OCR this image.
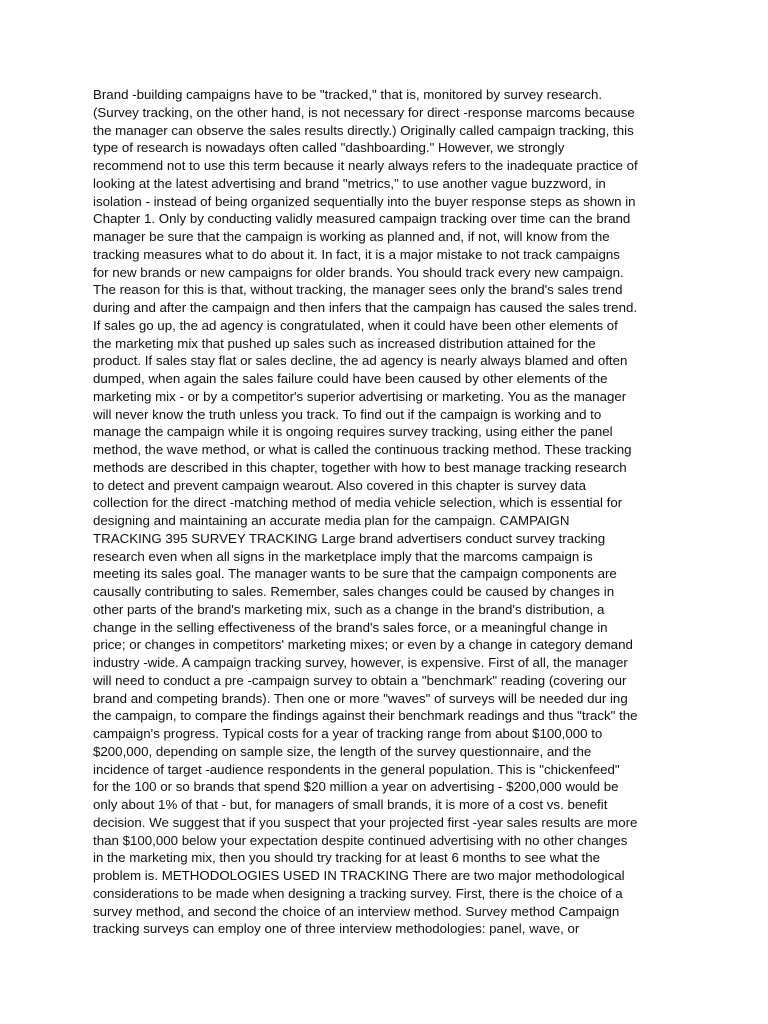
Brand -building campaigns have to be "tracked," that is, monitored by survey research.
(Survey tracking, on the other hand, is not necessary for direct -response marcoms because
the manager can observe the sales results directly.) Originally called campaign tracking, this
type of research is nowadays often called "dashboarding." However, we strongly
recommend not to use this term because it nearly always refers to the inadequate practice of
looking at the latest advertising and brand "metrics," to use another vague buzzword, in
isolation - instead of being organized sequentially into the buyer response steps as shown in
Chapter 1. Only by conducting validly measured campaign tracking over time can the brand
manager be sure that the campaign is working as planned and, if not, will know from the
tracking measures what to do about it. In fact, it is a major mistake to not track campaigns
for new brands or new campaigns for older brands. You should track every new campaign.
The reason for this is that, without tracking, the manager sees only the brand's sales trend
during and after the campaign and then infers that the campaign has caused the sales trend.
If sales go up, the ad agency is congratulated, when it could have been other elements of
the marketing mix that pushed up sales such as increased distribution attained for the
product. If sales stay flat or sales decline, the ad agency is nearly always blamed and often
dumped, when again the sales failure could have been caused by other elements of the
marketing mix - or by a competitor's superior advertising or marketing. You as the manager
will never know the truth unless you track. To find out if the campaign is working and to
manage the campaign while it is ongoing requires survey tracking, using either the panel
method, the wave method, or what is called the continuous tracking method. These tracking
methods are described in this chapter, together with how to best manage tracking research
to detect and prevent campaign wearout. Also covered in this chapter is survey data
collection for the direct -matching method of media vehicle selection, which is essential for
designing and maintaining an accurate media plan for the campaign. CAMPAIGN
TRACKING 395 SURVEY TRACKING Large brand advertisers conduct survey tracking
research even when all signs in the marketplace imply that the marcoms campaign is
meeting its sales goal. The manager wants to be sure that the campaign components are
causally contributing to sales. Remember, sales changes could be caused by changes in
other parts of the brand's marketing mix, such as a change in the brand's distribution, a
change in the selling effectiveness of the brand's sales force, or a meaningful change in
price; or changes in competitors' marketing mixes; or even by a change in category demand
industry -wide. A campaign tracking survey, however, is expensive. First of all, the manager
will need to conduct a pre -campaign survey to obtain a "benchmark" reading (covering our
brand and competing brands). Then one or more "waves" of surveys will be needed dur ing
the campaign, to compare the findings against their benchmark readings and thus "track" the
campaign's progress. Typical costs for a year of tracking range from about $100,000 to
$200,000, depending on sample size, the length of the survey questionnaire, and the
incidence of target -audience respondents in the general population. This is "chickenfeed"
for the 100 or so brands that spend $20 million a year on advertising - $200,000 would be
only about 1% of that - but, for managers of small brands, it is more of a cost vs. benefit
decision. We suggest that if you suspect that your projected first -year sales results are more
than $100,000 below your expectation despite continued advertising with no other changes
in the marketing mix, then you should try tracking for at least 6 months to see what the
problem is. METHODOLOGIES USED IN TRACKING There are two major methodological
considerations to be made when designing a tracking survey. First, there is the choice of a
survey method, and second the choice of an interview method. Survey method Campaign
tracking surveys can employ one of three interview methodologies: panel, wave, or
